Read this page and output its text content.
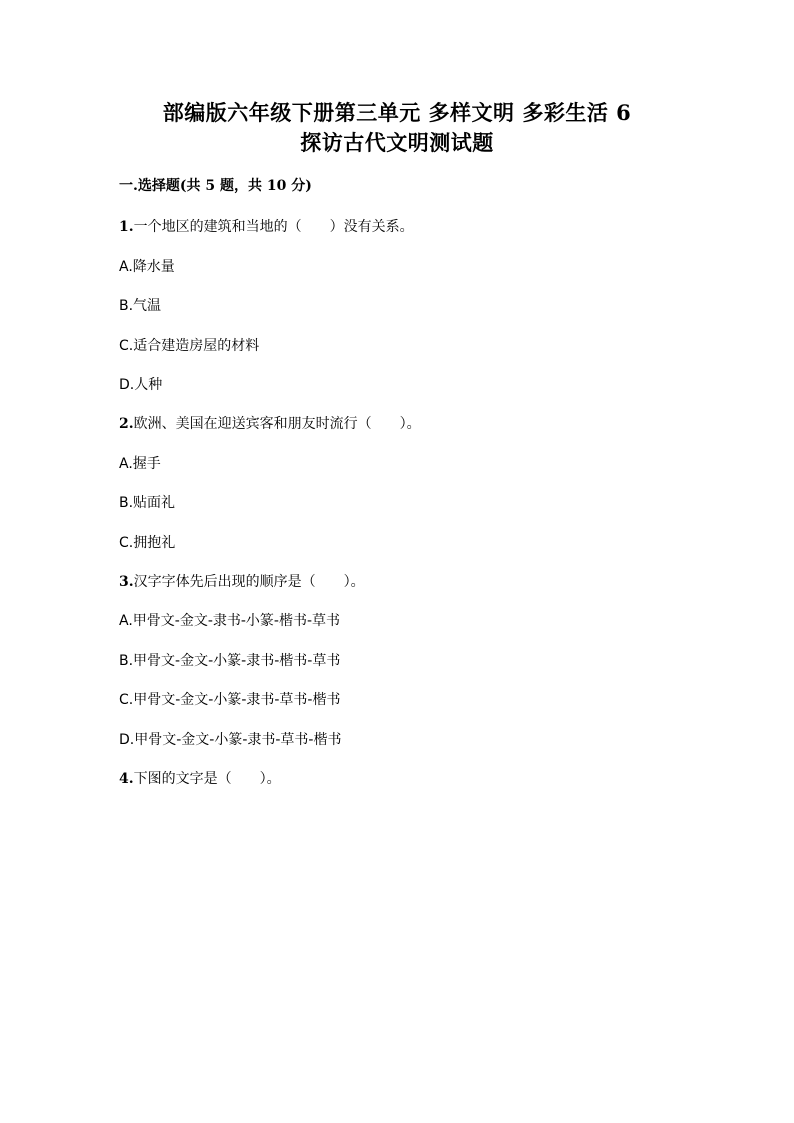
部编版六年级下册第三单元 多样文明 多彩生活 6
探访古代文明测试题
一.选择题(共 5 题，共 10 分)
1.一个地区的建筑和当地的（　　）没有关系。
A.降水量
B.气温
C.适合建造房屋的材料
D.人种
2.欧洲、美国在迎送宾客和朋友时流行（　　）。
A.握手
B.贴面礼
C.拥抱礼
3.汉字字体先后出现的顺序是（　　）。
A.甲骨文-金文-隶书-小篆-楷书-草书
B.甲骨文-金文-小篆-隶书-楷书-草书
C.甲骨文-金文-小篆-隶书-草书-楷书
D.甲骨文-金文-小篆-隶书-草书-楷书
4.下图的文字是（　　）。
